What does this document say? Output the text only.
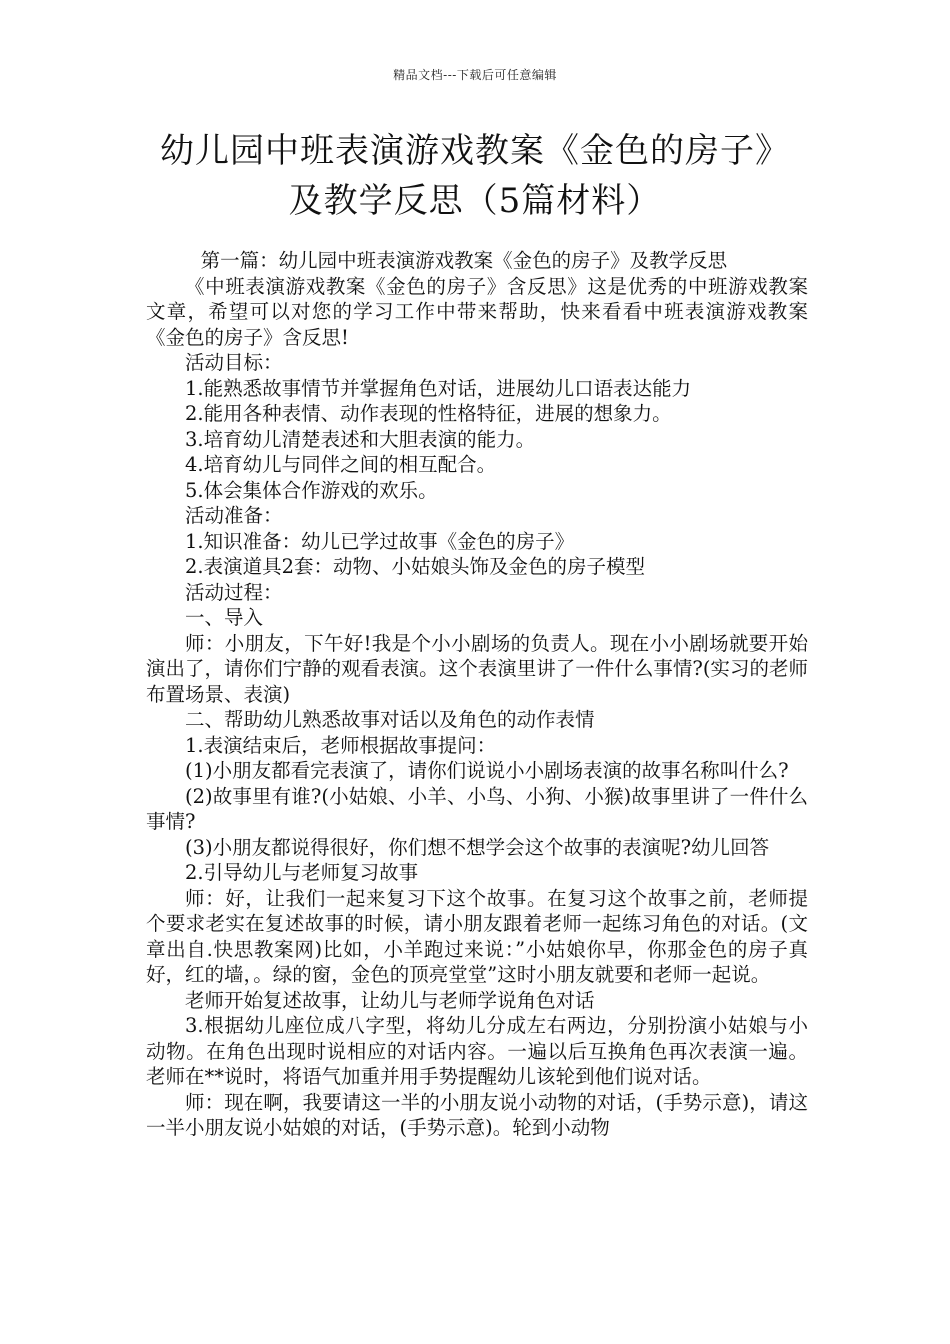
精品文档---下载后可任意编辑
幼儿园中班表演游戏教案《金色的房子》
及教学反思（5篇材料）

第一篇：幼儿园中班表演游戏教案《金色的房子》及教学反思

《中班表演游戏教案《金色的房子》含反思》这是优秀的中班游戏教案文章，希望可以对您的学习工作中带来帮助，快来看看中班表演游戏教案《金色的房子》含反思!

活动目标：

1.能熟悉故事情节并掌握角色对话，进展幼儿口语表达能力

2.能用各种表情、动作表现的性格特征，进展的想象力。

3.培育幼儿清楚表述和大胆表演的能力。

4.培育幼儿与同伴之间的相互配合。

5.体会集体合作游戏的欢乐。

活动准备：

1.知识准备：幼儿已学过故事《金色的房子》

2.表演道具2套：动物、小姑娘头饰及金色的房子模型

活动过程：

一、导入

师：小朋友，下午好!我是个小小剧场的负责人。现在小小剧场就要开始演出了，请你们宁静的观看表演。这个表演里讲了一件什么事情?(实习的老师布置场景、表演)

二、帮助幼儿熟悉故事对话以及角色的动作表情

1.表演结束后，老师根据故事提问：

(1)小朋友都看完表演了，请你们说说小小剧场表演的故事名称叫什么?

(2)故事里有谁?(小姑娘、小羊、小鸟、小狗、小猴)故事里讲了一件什么事情?

(3)小朋友都说得很好，你们想不想学会这个故事的表演呢?幼儿回答

2.引导幼儿与老师复习故事

师：好，让我们一起来复习下这个故事。在复习这个故事之前，老师提个要求老实在复述故事的时候，请小朋友跟着老师一起练习角色的对话。(文章出自.快思教案网)比如，小羊跑过来说：”小姑娘你早，你那金色的房子真好，红的墙，。绿的窗，金色的顶亮堂堂”这时小朋友就要和老师一起说。

老师开始复述故事，让幼儿与老师学说角色对话

3.根据幼儿座位成八字型，将幼儿分成左右两边，分别扮演小姑娘与小动物。在角色出现时说相应的对话内容。一遍以后互换角色再次表演一遍。老师在**说时，将语气加重并用手势提醒幼儿该轮到他们说对话。

师：现在啊，我要请这一半的小朋友说小动物的对话，(手势示意)，请这一半小朋友说小姑娘的对话，(手势示意)。轮到小动物
